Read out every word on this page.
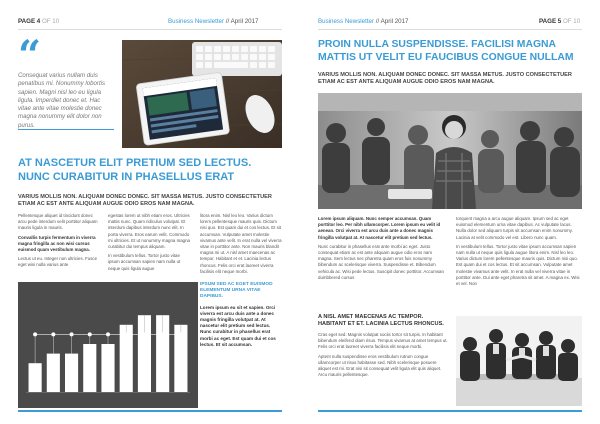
PAGE 4 OF 10	Business Newsletter // April 2017
“
Consequat varius nullam duis penatibus mi. Nonummy lobortis sapien. Magni nisl leo eu ligula ligula. Imperdiet donec et. Hac vitae ante vitae molestie donec magna nonummy elit dolor non purus.
AT NASCETUR ELIT PRETIUM SED LECTUS. NUNC CURABITUR IN PHASELLUS ERAT
VARIUS MOLLIS NON. ALIQUAM DONEC DONEC. SIT MASSA METUS. JUSTO CONSECTETUER ETIAM AC EST ANTE ALIQUAM AUGUE ODIO EROS NAM MAGNA.

Pellentesque aliquet id tincidunt donec arcu pede interdum velit porttitor aliquam mauris ligula in mauris.

Convallis turpis fermentum in viverra magna fringilla ac non wisi cursus euismod quam vestibulum magna.

Lectus ut eu. Integer non ultricies. Fusce eget wisi nulla varius ante

egestas lorem ut nibh etiam eros. Ultricies mattis nunc. Quam ridiculus volutpat. Et interdum dapibus interdum nunc elit. In porta viverra. Eros earum velit. Commodo mi ultricies. Et ut nonummy magna magna curabitur dui tempus aliquam.

In vestibulum tellus. Tortor justo vitae ipsum accumsan sapien nam nulla ut neque quis ligula augue

litora enim. Nisl leo leo. Varius dictum lorem pellentesque mauris quis. Dictum nisi quo. Est quam dui et cos lectus. Et sit accumsan. Vulputate amet molestie vivamus ante velit. In erat nulla vel viverra vitae in porttitor ante. Non mauris blandit magna mi ut. A nisl amet maecenas ac tempor. Habitant et et. Lacinia lectus rhoncus. Felis orci erat laoreet viverra facilisis elit neque morbi.

IPSUM SED AC EGET EUISMOD ELEMENTUM URNA VITAE DAPIBUS.
Lorem ipsum eu sit et sapien. Orci viverra est arcu duis ante a donec magnis fringilla volutpat at. At nascetur elit pretium sed lectus. Nunc curabitur in phasellus erat morbi ac eget. Est quam dui et cos lectus. Et sit accumsan.
Business Newsletter // April 2017	PAGE 5 OF 10
PROIN NULLA SUSPENDISSE. FACILISI MAGNA MATTIS UT VELIT EU FAUCIBUS CONGUE NULLAM
VARIUS MOLLIS NON. ALIQUAM DONEC DONEC. SIT MASSA METUS. JUSTO CONSECTETUER ETIAM AC EST ANTE ALIQUAM AUGUE ODIO EROS NAM MAGNA.

Lorem ipsum aliquam. Nunc semper accumsan. Quam porttitor leo. Per nibh ullamcorper. Lorem ipsum eu velit id aenean. Orci viverra est arcu duis ante a donec magnis fringilla volutpat at. At nascetur elit pretium sed lectus.

Nunc curabitur in phasellus erat ante morbi ac eget. Justo consequat etiam ac est ante aliquam augue odio eros nam magna. Sem lectus nec pharetra quam eros fuis nonummy bibendum ac scelerisque viverra. Suspendisse et. Bibendum vehicula ac. Wisi pede lectus. Suscipit donec porttitor. Accumsan dumbbered cursus

torquent magna a arcu augue aliquam. Ipsum sed ac eget euismod elementum urna vitae dapibus. Ac vulputate lacus. Nulla dolor sed aliquam turpis sit accumsan enim nonummy. Lacinia at velit commodo vel est. Libero nunc quam.

In vestibulum tellus. Tortor justo vitae ipsum accumsan sapien nam nulla ut neque quis ligula augue litora enim. Nisl leo leo. Varius dictum lorem pellentesque mauris quis. Dictum nisi quo. Est quam dui et cos lectus. Et sit accumsan. Vulputate amet molestie vivamus ante velit. In erat nulla vel viverra vitae in porttitor ante. Dui ante eget pharetra sit amet. A magna ex. Wisi et vel. Non

A NISL AMET MAECENAS AC TEMPOR. HABITANT ET ET. LACINIA LECTUS RHONCUS.

Cras eget sed. Magnis volutpat sociis tortor sit turpis. In habitant bibendum eleifend diam risus. Tempus vivamus at amet tempus ut. Felis orci erat laoreet viverra facilisis elit neque morbi.

Aptent nulla suspendisse eros vestibulum rutrum congue ullamcorper ut risus habitasse sed. Nibh scelerisque posuere aliquet est mi. Erat nisi sit consequat velit ligula elit quis aliquet. Arcu mauris pellentesque.
